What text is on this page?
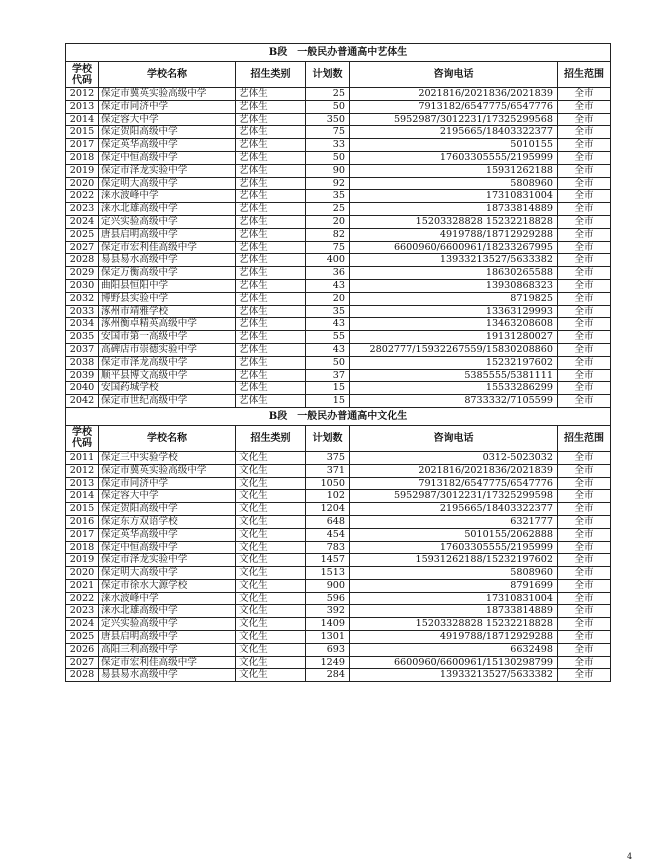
B段　一般民办普通高中艺体生					
学校
代码	学校名称	招生类别	计划数	咨询电话	招生范围
2012	保定市冀英实验高级中学	艺体生	25	2021816/2021836/2021839	全市
2013	保定市同济中学	艺体生	50	7913182/6547775/6547776	全市
2014	保定容大中学	艺体生	350	5952987/3012231/17325299568	全市
2015	保定贺阳高级中学	艺体生	75	2195665/18403322377	全市
2017	保定英华高级中学	艺体生	33	5010155	全市
2018	保定中恒高级中学	艺体生	50	17603305555/2195999	全市
2019	保定市泽龙实验中学	艺体生	90	15931262188	全市
2020	保定明大高级中学	艺体生	92	5808960	全市
2022	涞水波峰中学	艺体生	35	17310831004	全市
2023	涞水北雄高级中学	艺体生	25	18733814889	全市
2024	定兴实验高级中学	艺体生	20	15203328828 15232218828	全市
2025	唐县启明高级中学	艺体生	82	4919788/18712929288	全市
2027	保定市宏利佳高级中学	艺体生	75	6600960/6600961/18233267995	全市
2028	易县易水高级中学	艺体生	400	13933213527/5633382	全市
2029	保定万衡高级中学	艺体生	36	18630265588	全市
2030	曲阳县恒阳中学	艺体生	43	13930868323	全市
2032	博野县实验中学	艺体生	20	8719825	全市
2033	涿州市靖雅学校	艺体生	35	13363129993	全市
2034	涿州衡卓精英高级中学	艺体生	43	13463208608	全市
2035	安国市第一高级中学	艺体生	55	19131280027	全市
2037	高碑店市崇德实验中学	艺体生	43	2802777/15932267559/15830208860	全市
2038	保定市泽龙高级中学	艺体生	50	15232197602	全市
2039	顺平县博文高级中学	艺体生	37	5385555/5381111	全市
2040	安国药城学校	艺体生	15	15533286299	全市
2042	保定市世纪高级中学	艺体生	15	8733332/7105599	全市
B段　一般民办普通高中文化生					
学校
代码	学校名称	招生类别	计划数	咨询电话	招生范围
2011	保定三中实验学校	文化生	375	0312-5023032	全市
2012	保定市冀英实验高级中学	文化生	371	2021816/2021836/2021839	全市
2013	保定市同济中学	文化生	1050	7913182/6547775/6547776	全市
2014	保定容大中学	文化生	102	5952987/3012231/17325299598	全市
2015	保定贺阳高级中学	文化生	1204	2195665/18403322377	全市
2016	保定东方双语学校	文化生	648	6321777	全市
2017	保定英华高级中学	文化生	454	5010155/2062888	全市
2018	保定中恒高级中学	文化生	783	17603305555/2195999	全市
2019	保定市泽龙实验中学	文化生	1457	15931262188/15232197602	全市
2020	保定明大高级中学	文化生	1513	5808960	全市
2021	保定市徐水大源学校	文化生	900	8791699	全市
2022	涞水波峰中学	文化生	596	17310831004	全市
2023	涞水北雄高级中学	文化生	392	18733814889	全市
2024	定兴实验高级中学	文化生	1409	15203328828 15232218828	全市
2025	唐县启明高级中学	文化生	1301	4919788/18712929288	全市
2026	高阳三利高级中学	文化生	693	6632498	全市
2027	保定市宏利佳高级中学	文化生	1249	6600960/6600961/15130298799	全市
2028	易县易水高级中学	文化生	284	13933213527/5633382	全市
4
